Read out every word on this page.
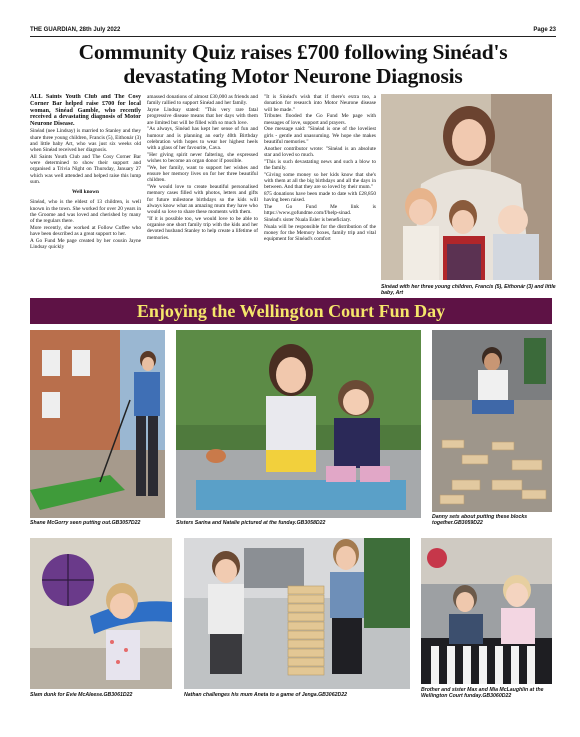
THE GUARDIAN, 28th July 2022	Page 23
Community Quiz raises £700 following Sinéad's devastating Motor Neurone Diagnosis

ALL Saints Youth Club and The Cosy Corner Bar helped raise £700 for local woman, Sinéad Gamble, who recently received a devastating diagnosis of Motor Neurone Disease.

Sinéad (nee Lindsay) is married to Stanley and they share three young children, Francis (5), Eithonár (3) and little baby Art, who was just six weeks old when Sinéad received her diagnosis.

All Saints Youth Club and The Cosy Corner Bar were determined to show their support and organised a Trivia Night on Thursday, January 27 which was well attended and helped raise this lump sum.

Well known

Sinéad, who is the eldest of 13 children, is well known in the town. She worked for over 20 years in the Groome and was loved and cherished by many of the regulars there.

More recently, she worked at Follow Coffee who have been described as a great support to her.

A Go Fund Me page created by her cousin Jayne Lindsay quickly

amassed donations of almost £30,000 as friends and family rallied to support Sinéad and her family.

Jayne Lindsay stated: "This very rare fatal progressive disease means that her days with them are limited but will be filled with so much love.

"As always, Sinéad has kept her sense of fun and humour and is planning an early 40th Birthday celebration with hopes to wear her highest heels with a glass of her favourite, Cava.

"Her giving spirit never faltering, she expressed wishes to become an organ donor if possible.

"We, her family, want to support her wishes and ensure her memory lives on for her three beautiful children.

"We would love to create beautiful personalised memory cases filled with photos, letters and gifts for future milestone birthdays so the kids will always know what an amazing mum they have who would so love to share these moments with them.

"If it is possible too, we would love to be able to organise one short family trip with the kids and her devoted husband Stanley to help create a lifetime of memories.

"It is Sinéad's wish that if there's extra too, a donation for research into Motor Neurone disease will be made."

Tributes flooded the Go Fund Me page with messages of love, support and prayers.

One message said: "Sinéad is one of the loveliest girls - gentle and unassuming. We hope she makes beautiful memories."

Another contributor wrote: "Sinéad is an absolute star and loved so much.

"This is such devastating news and such a blow to the family.

"Giving some money so her kids know that she's with them at all the big birthdays and all the days in between. And that they are so loved by their mum."

875 donations have been made to date with £28,850 having been raised.

The Go Fund Me link is https://www.gofundme.com/f/help-sinad.

Sinéad's sister Nuala Esler is beneficiary.

Nuala will be responsible for the distribution of the money for the Memory boxes, family trip and vital equipment for Sinéad's comfort

Sinéad with her three young children, Francis (5), Eithonár (3) and little baby, Art
Enjoying the Wellington Court Fun Day
Shane McGorry seen putting out.GB3057D22	Sisters Sarina and Natalie pictured at the funday.GB3058D22
Danny sets about putting these blocks together.GB3059D22
Slam dunk for Evie McAleese.GB3061D22	Nathan challenges his mum Aneta to a game of Jenga.GB3062D22
Brother and sister Max and Mia McLaughlin at the Wellington Court funday.GB3060D22
